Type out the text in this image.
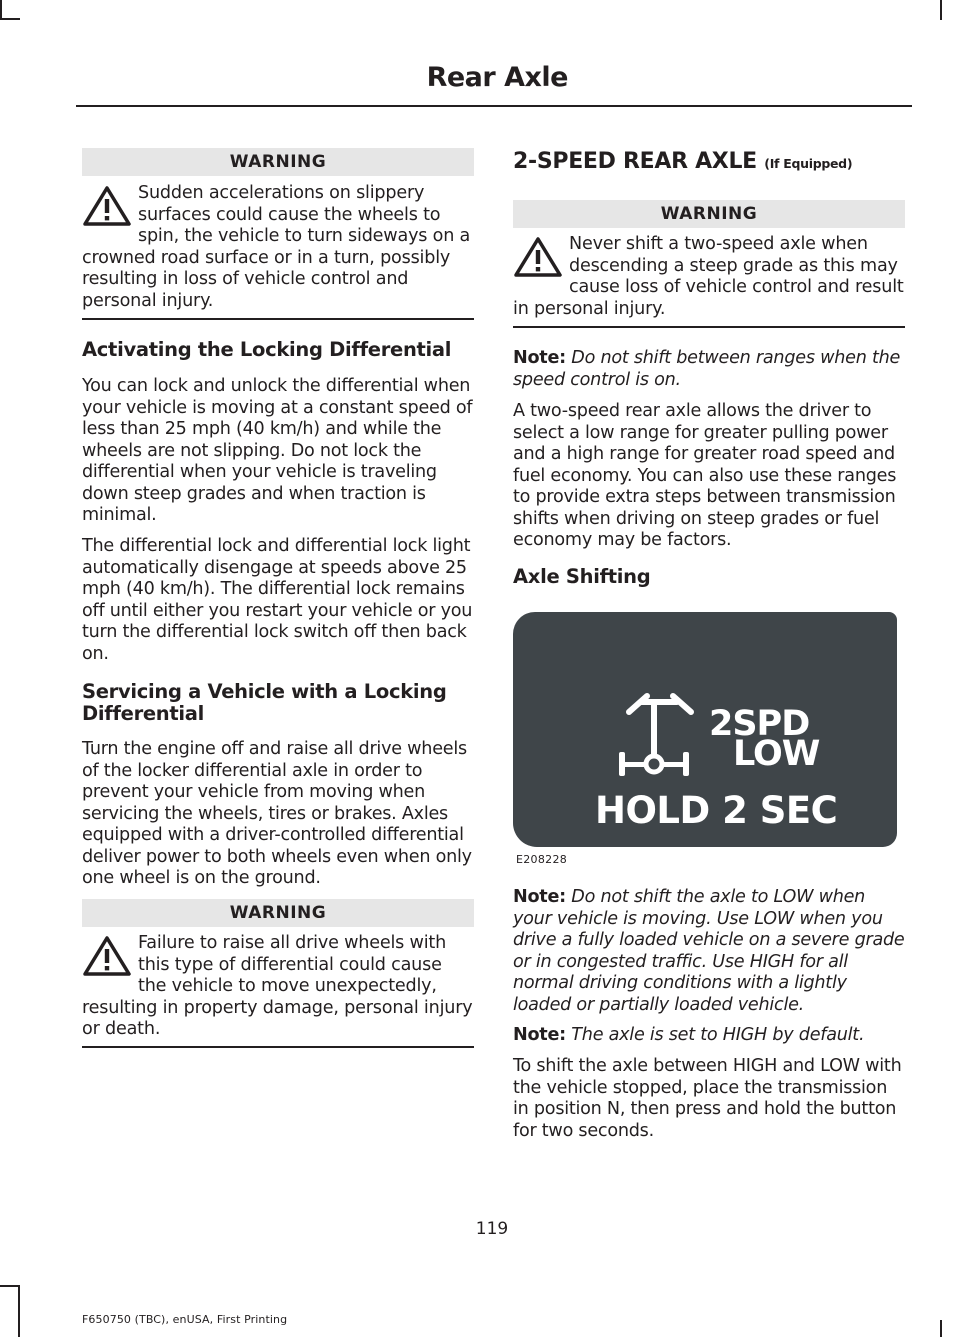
Rear Axle
WARNING
Sudden accelerations on slippery surfaces could cause the wheels to spin, the vehicle to turn sideways on a crowned road surface or in a turn, possibly resulting in loss of vehicle control and personal injury.
Activating the Locking Differential
You can lock and unlock the differential when your vehicle is moving at a constant speed of less than 25 mph (40 km/h) and while the wheels are not slipping. Do not lock the differential when your vehicle is traveling down steep grades and when traction is minimal.
The differential lock and differential lock light automatically disengage at speeds above 25 mph (40 km/h). The differential lock remains off until either you restart your vehicle or you turn the differential lock switch off then back on.
Servicing a Vehicle with a Locking Differential
Turn the engine off and raise all drive wheels of the locker differential axle in order to prevent your vehicle from moving when servicing the wheels, tires or brakes. Axles equipped with a driver-controlled differential deliver power to both wheels even when only one wheel is on the ground.
WARNING
Failure to raise all drive wheels with this type of differential could cause the vehicle to move unexpectedly, resulting in property damage, personal injury or death.
2-SPEED REAR AXLE (If Equipped)
WARNING
Never shift a two-speed axle when descending a steep grade as this may cause loss of vehicle control and result in personal injury.
Note: Do not shift between ranges when the speed control is on.
A two-speed rear axle allows the driver to select a low range for greater pulling power and a high range for greater road speed and fuel economy. You can also use these ranges to provide extra steps between transmission shifts when driving on steep grades or fuel economy may be factors.
Axle Shifting
2SPD
LOW
HOLD 2 SEC
E208228
Note: Do not shift the axle to LOW when your vehicle is moving. Use LOW when you drive a fully loaded vehicle on a severe grade or in congested traffic. Use HIGH for all normal driving conditions with a lightly loaded or partially loaded vehicle.
Note: The axle is set to HIGH by default.
To shift the axle between HIGH and LOW with the vehicle stopped, place the transmission in position N, then press and hold the button for two seconds.
119
F650750 (TBC), enUSA, First Printing
